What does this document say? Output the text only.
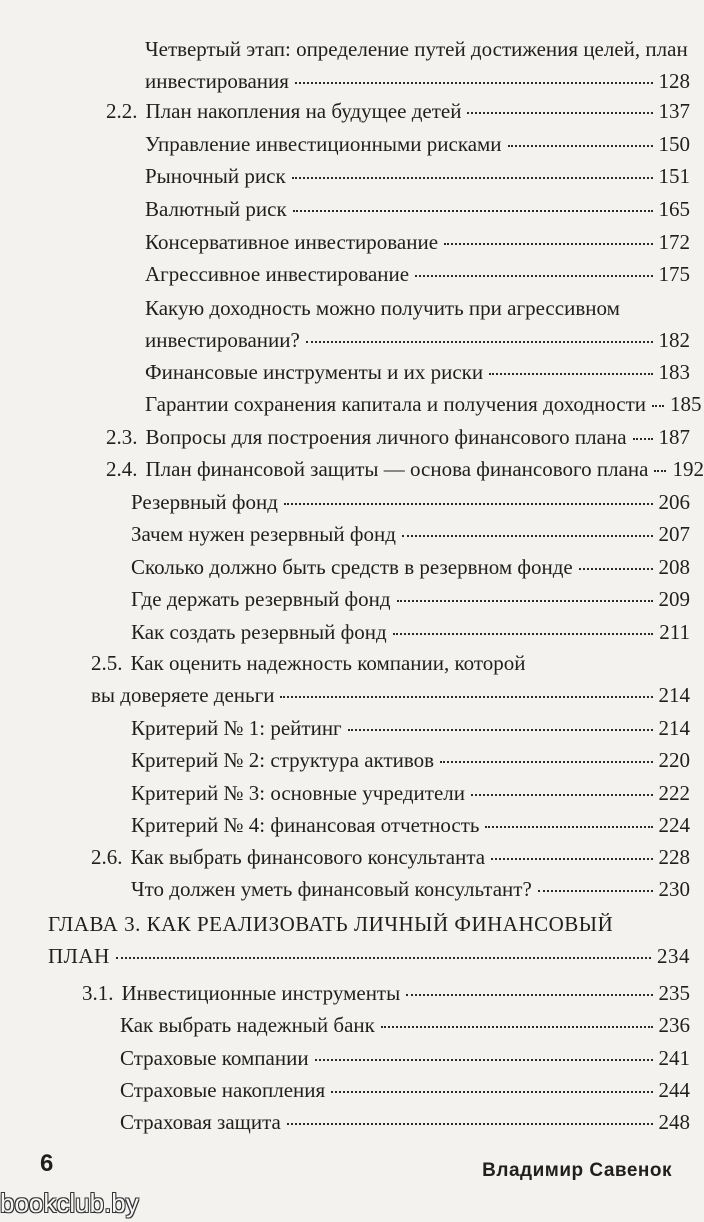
Четвертый этап: определение путей достижения целей, план
инвестирования	128
2.2. План накопления на будущее детей	137
Управление инвестиционными рисками	150
Рыночный риск	151
Валютный риск	165
Консервативное инвестирование	172
Агрессивное инвестирование	175
Какую доходность можно получить при агрессивном
инвестировании?	182
Финансовые инструменты и их риски	183
Гарантии сохранения капитала и получения доходности 185
2.3. Вопросы для построения личного финансового плана 187
2.4. План финансовой защиты — основа финансового плана 192
Резервный фонд	206
Зачем нужен резервный фонд	207
Сколько должно быть средств в резервном фонде	208
Где держать резервный фонд	209
Как создать резервный фонд	211
2.5. Как оценить надежность компании, которой
вы доверяете деньги	214
Критерий № 1: рейтинг	214
Критерий № 2: структура активов	220
Критерий № 3: основные учредители	222
Критерий № 4: финансовая отчетность	224
2.6. Как выбрать финансового консультанта	228
Что должен уметь финансовый консультант?	230
ГЛАВА 3. КАК РЕАЛИЗОВАТЬ ЛИЧНЫЙ ФИНАНСОВЫЙ
ПЛАН	234
3.1. Инвестиционные инструменты	235
Как выбрать надежный банк	236
Страховые компании	241
Страховые накопления	244
Страховая защита	248
6	Владимир Савенок
bookclub.by
